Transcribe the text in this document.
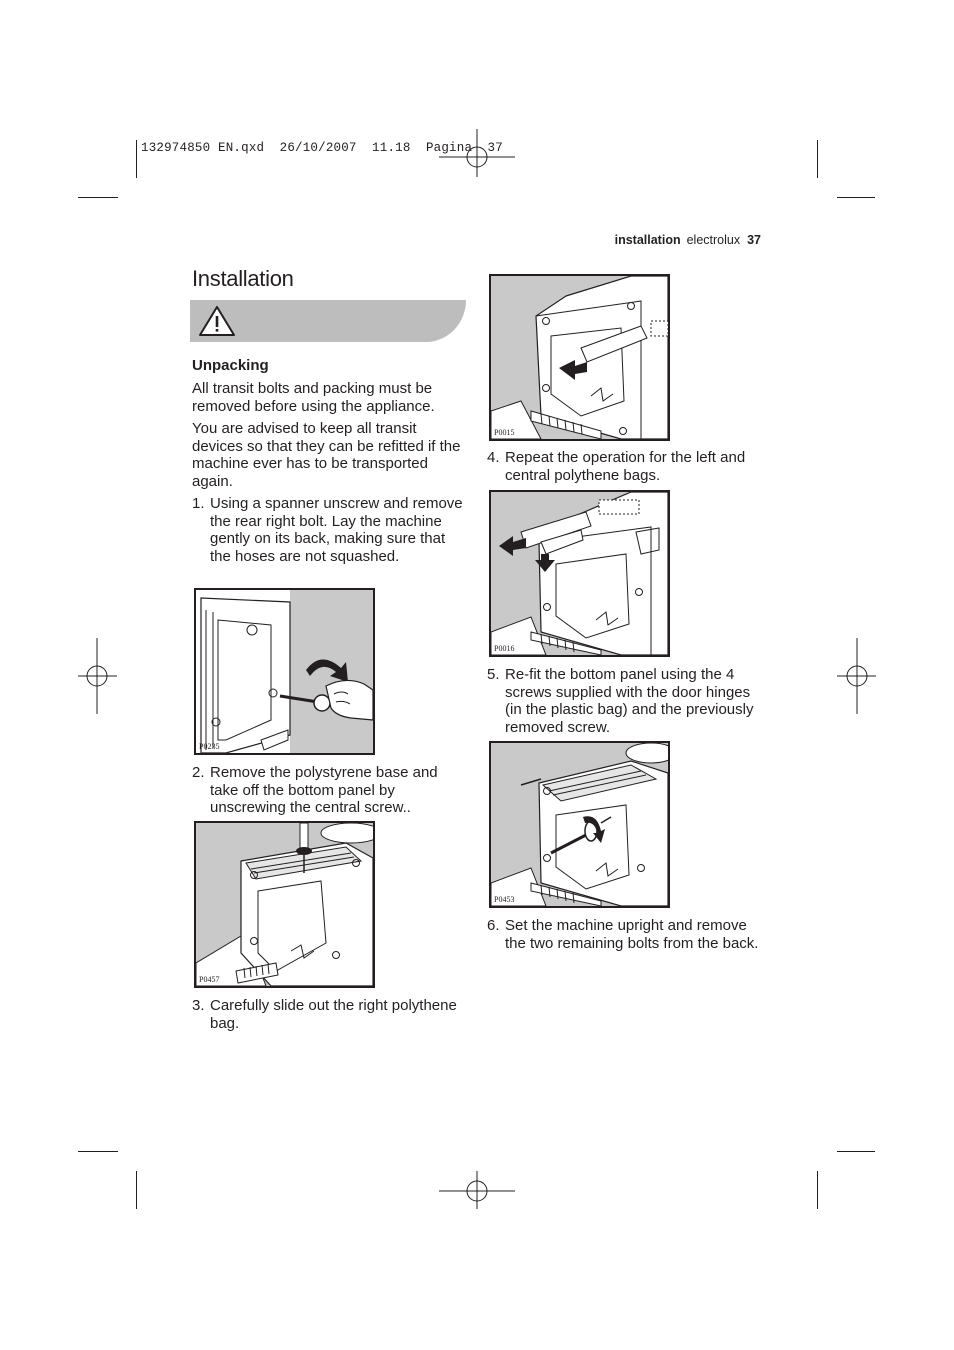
132974850 EN.qxd  26/10/2007  11.18  Pagina  37
installation electrolux 37
Installation
Unpacking
All transit bolts and packing must be removed before using the appliance.
You are advised to keep all transit devices so that they can be refitted if the machine ever has to be transported again.
1. Using a spanner unscrew and remove the rear right bolt. Lay the machine gently on its back, making sure that the hoses are not squashed.
P0235
2. Remove the polystyrene base and take off the bottom panel by unscrewing the central screw..
P0457
3. Carefully slide out the right polythene bag.
P0015
4. Repeat the operation for the left and central polythene bags.
P0016
5. Re-fit the bottom panel using the 4 screws supplied with the door hinges (in the plastic bag) and the previously removed screw.
P0453
6. Set the machine upright and remove the two remaining bolts from the back.
